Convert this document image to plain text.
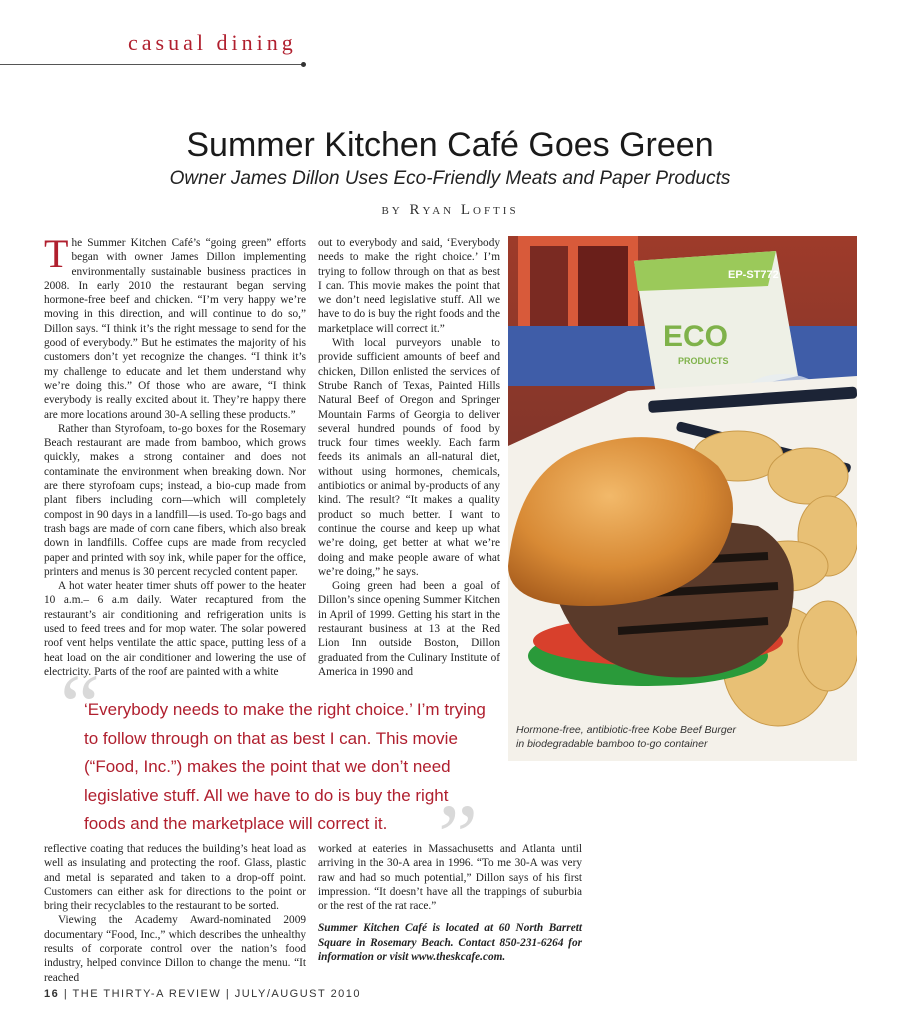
casual dining
Summer Kitchen Café Goes Green
Owner James Dillon Uses Eco-Friendly Meats and Paper Products
by Ryan Loftis

The Summer Kitchen Café’s “going green” efforts began with owner James Dillon implementing environmentally sustainable business practices in 2008. In early 2010 the restaurant began serving hormone-free beef and chicken. “I’m very happy we’re moving in this direction, and will continue to do so,” Dillon says. “I think it’s the right message to send for the good of everybody.” But he estimates the majority of his customers don’t yet recognize the changes. “I think it’s my challenge to educate and let them understand why we’re doing this.” Of those who are aware, “I think everybody is really excited about it. They’re happy there are more locations around 30-A selling these products.”

Rather than Styrofoam, to-go boxes for the Rosemary Beach restaurant are made from bamboo, which grows quickly, makes a strong container and does not contaminate the environment when breaking down. Nor are there styrofoam cups; instead, a bio-cup made from plant fibers including corn—which will completely compost in 90 days in a landfill—is used. To-go bags and trash bags are made of corn cane fibers, which also break down in landfills. Coffee cups are made from recycled paper and printed with soy ink, while paper for the office, printers and menus is 30 percent recycled content paper.

A hot water heater timer shuts off power to the heater 10 a.m.– 6 a.m daily. Water recaptured from the restaurant’s air conditioning and refrigeration units is used to feed trees and for mop water. The solar powered roof vent helps ventilate the attic space, putting less of a heat load on the air conditioner and lowering the use of electricity. Parts of the roof are painted with a white

out to everybody and said, ‘Everybody needs to make the right choice.’ I’m trying to follow through on that as best I can. This movie makes the point that we don’t need legislative stuff. All we have to do is buy the right foods and the marketplace will correct it.”

With local purveyors unable to provide sufficient amounts of beef and chicken, Dillon enlisted the services of Strube Ranch of Texas, Painted Hills Natural Beef of Oregon and Springer Mountain Farms of Georgia to deliver several hundred pounds of food by truck four times weekly. Each farm feeds its animals an all-natural diet, without using hormones, chemicals, antibiotics or animal by-products of any kind. The result? “It makes a quality product so much better. I want to continue the course and keep up what we’re doing, get better at what we’re doing and make people aware of what we’re doing,” he says.

Going green had been a goal of Dillon’s since opening Summer Kitchen in April of 1999. Getting his start in the restaurant business at 13 at the Red Lion Inn outside Boston, Dillon graduated from the Culinary Institute of America in 1990 and

EP-ST772
ECO
PRODUCTS
Hormone-free, antibiotic-free Kobe Beef Burger
in biodegradable bamboo to-go container
“
‘Everybody needs to make the right choice.’ I’m trying to follow through on that as best I can. This movie (“Food, Inc.”) makes the point that we don’t need legislative stuff. All we have to do is buy the right foods and the marketplace will correct it. ”

reflective coating that reduces the building’s heat load as well as insulating and protecting the roof. Glass, plastic and metal is separated and taken to a drop-off point. Customers can either ask for directions to the point or bring their recyclables to the restaurant to be sorted.

Viewing the Academy Award-nominated 2009 documentary “Food, Inc.,” which describes the unhealthy results of corporate control over the nation’s food industry, helped convince Dillon to change the menu. “It reached

worked at eateries in Massachusetts and Atlanta until arriving in the 30-A area in 1996. “To me 30-A was very raw and had so much potential,” Dillon says of his first impression. “It doesn’t have all the trappings of suburbia or the rest of the rat race.”

Summer Kitchen Café is located at 60 North Barrett Square in Rosemary Beach. Contact 850-231-6264 for information or visit www.theskcafe.com.

16 | THE THIRTY-A REVIEW | JULY/AUGUST 2010
